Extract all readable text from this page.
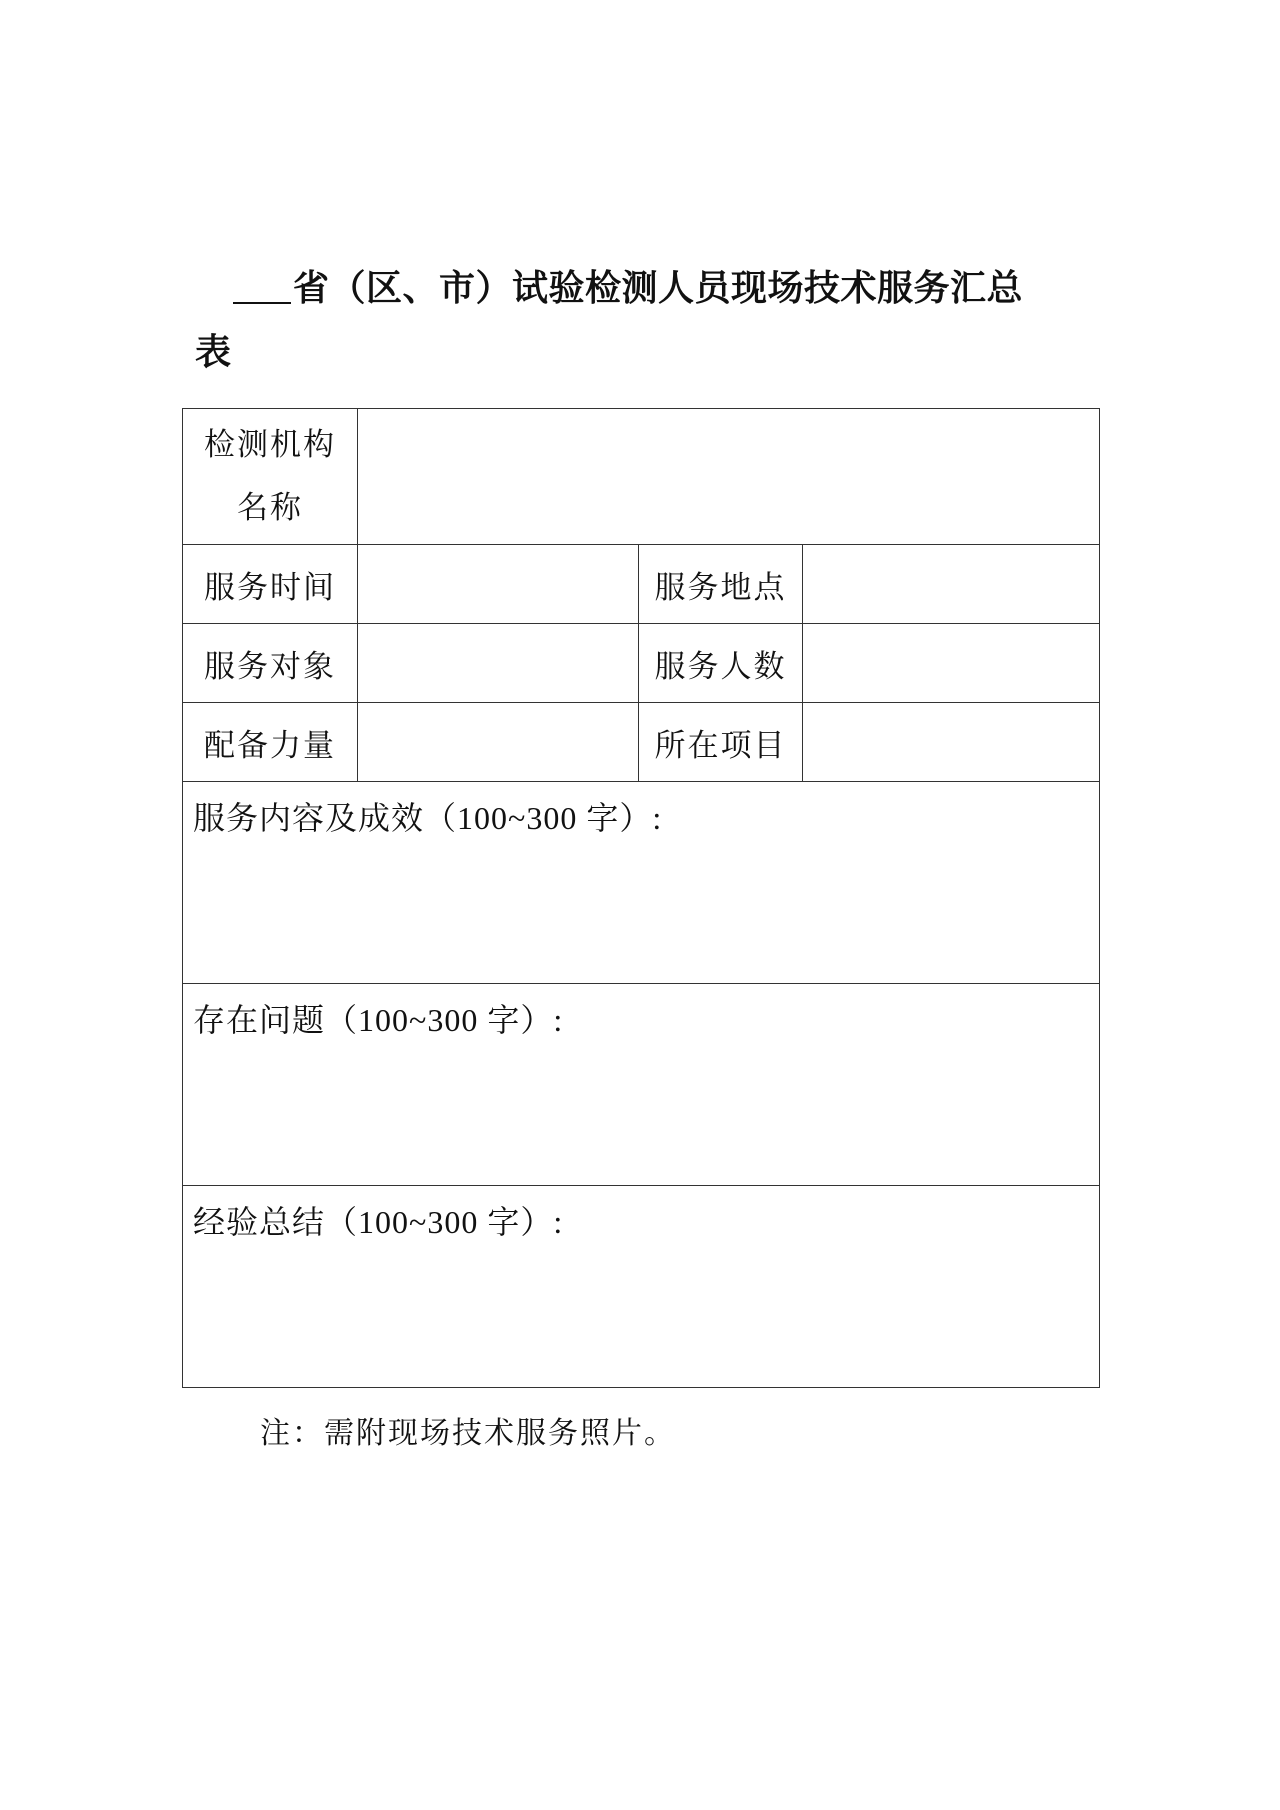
省（区、市）试验检测人员现场技术服务汇总
表
检测机构
名称			

服务时间		服务地点	
服务对象		服务人数	
配备力量		所在项目	
服务内容及成效（100~300 字）:			
存在问题（100~300 字）:			
经验总结（100~300 字）:			
注：需附现场技术服务照片。
